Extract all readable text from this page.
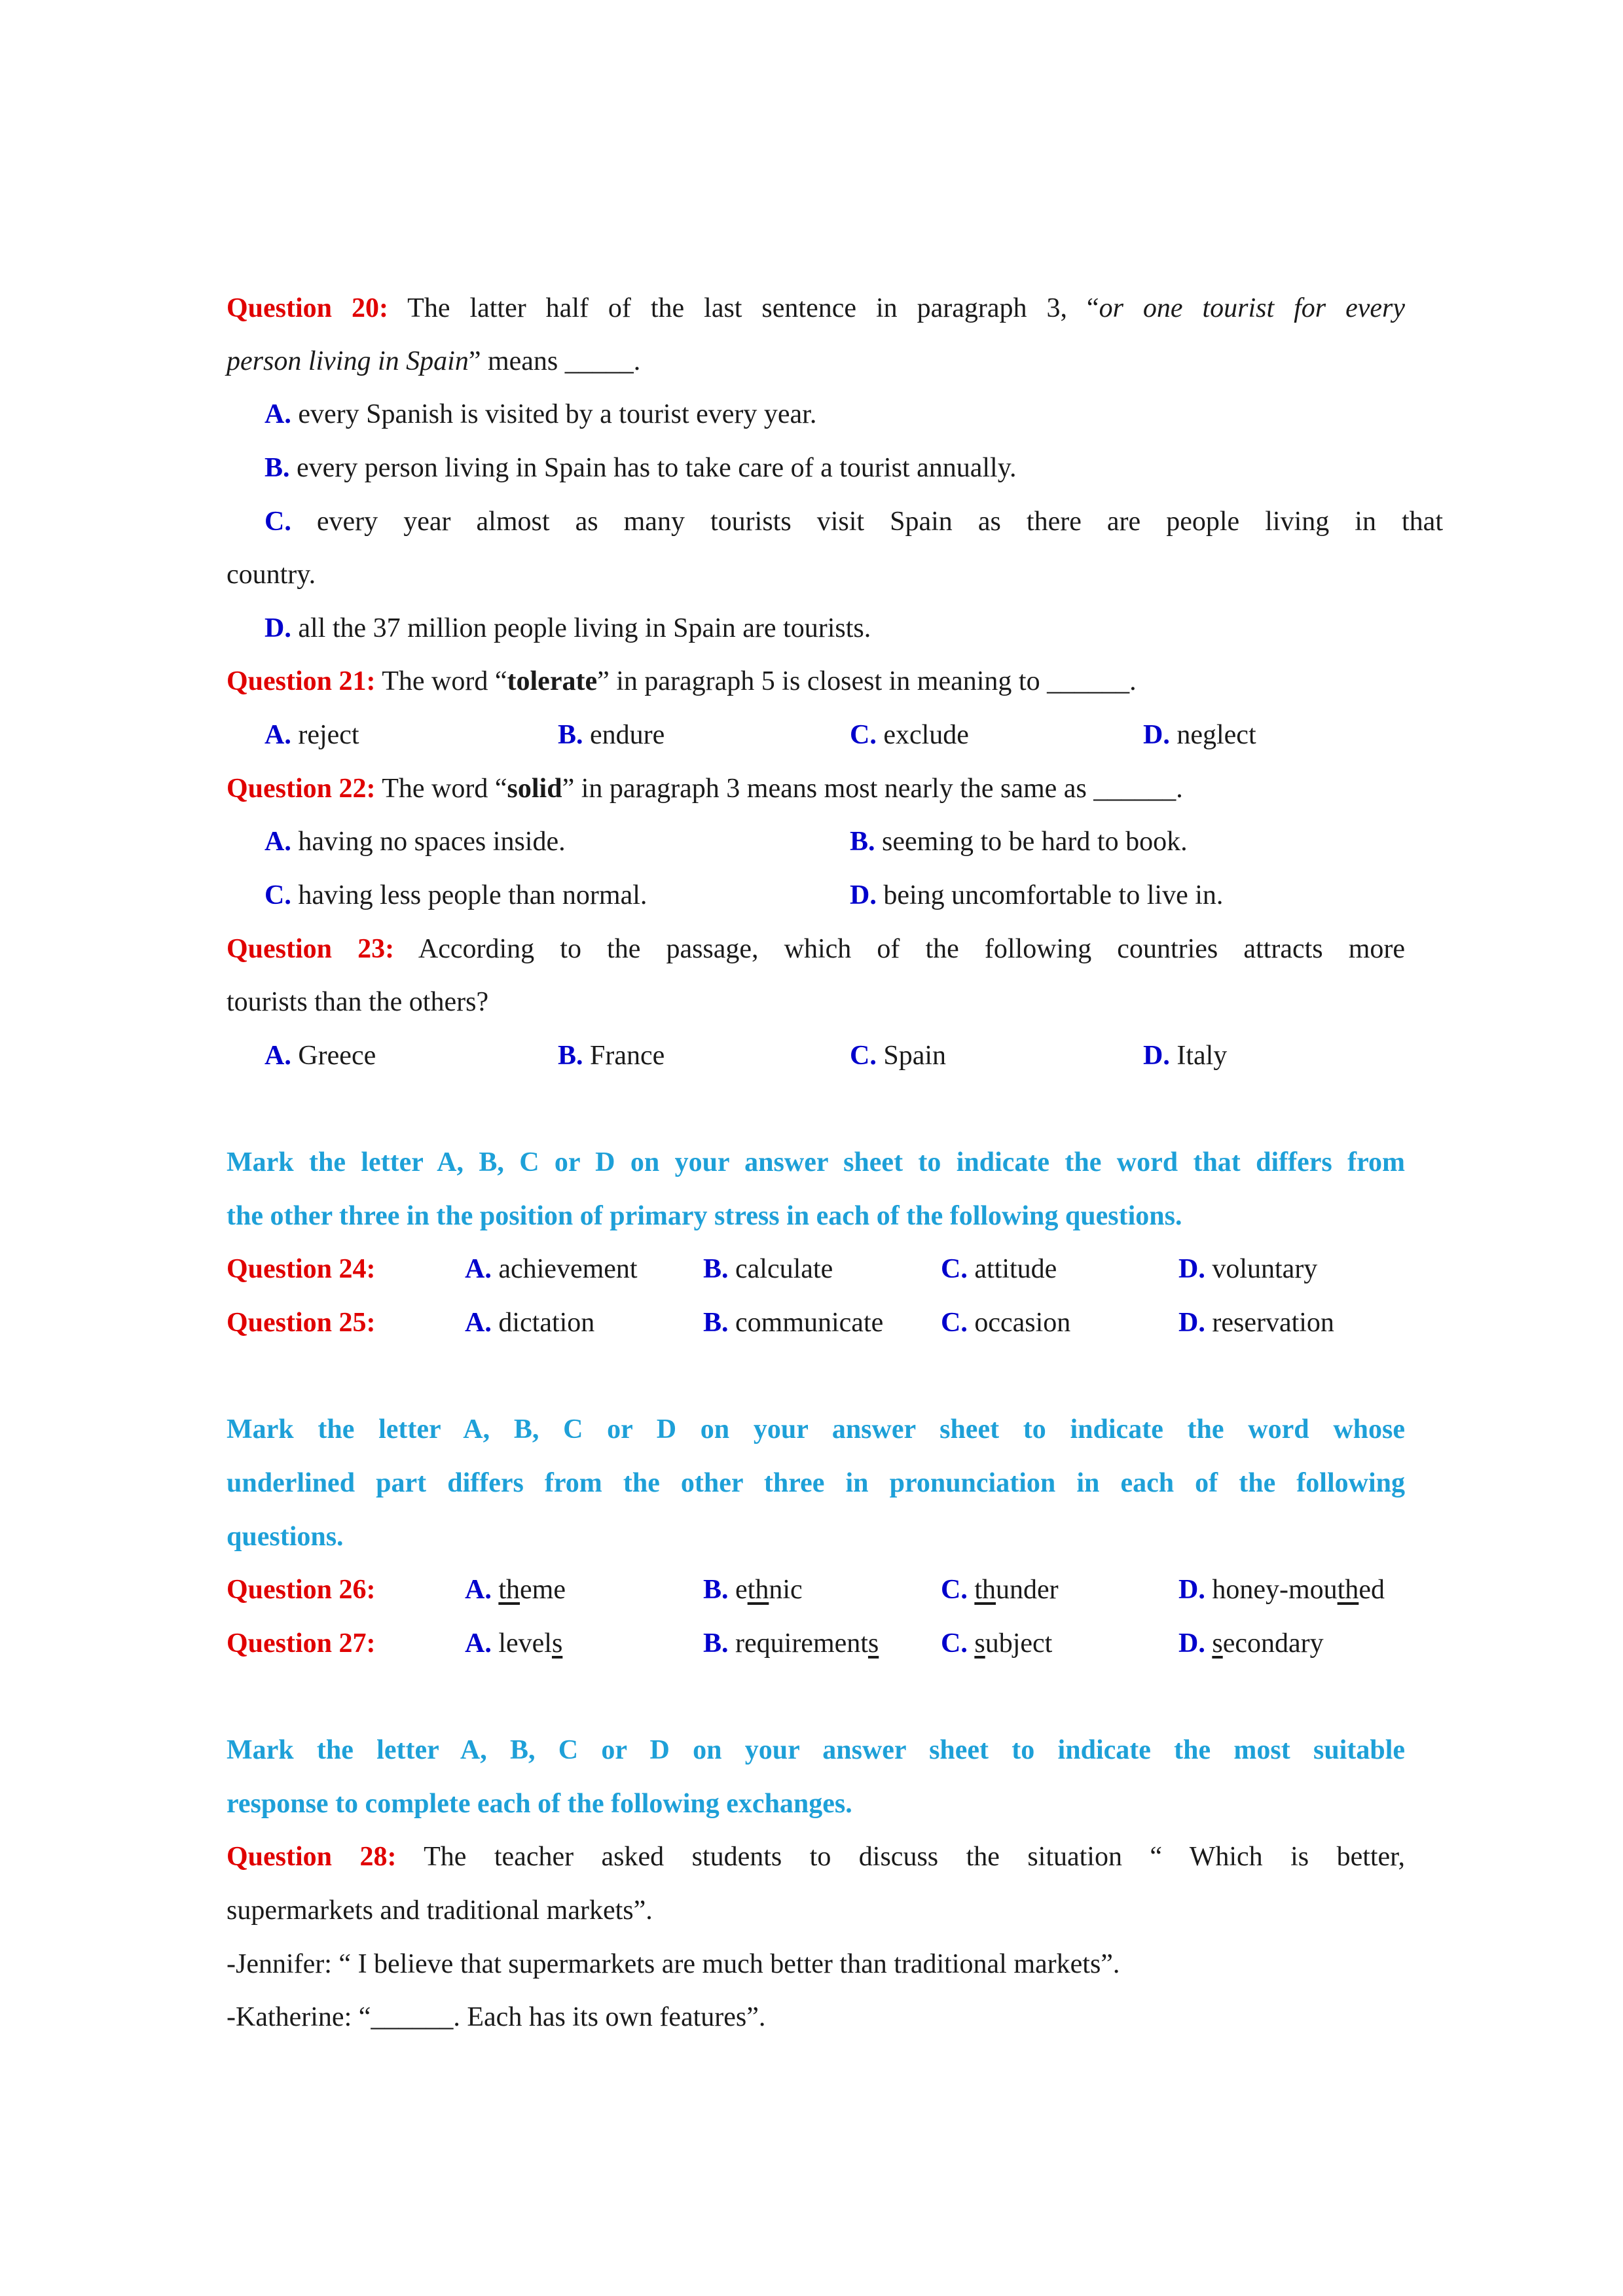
Question 20: The latter half of the last sentence in paragraph 3, “or one tourist for every
person living in Spain” means _____.
A. every Spanish is visited by a tourist every year.
B. every person living in Spain has to take care of a tourist annually.
C. every year almost as many tourists visit Spain as there are people living in that
country.
D. all the 37 million people living in Spain are tourists.
Question 21: The word “tolerate” in paragraph 5 is closest in meaning to ______.
A. reject	B. endure	C. exclude	D. neglect
Question 22: The word “solid” in paragraph 3 means most nearly the same as ______.
A. having no spaces inside.	B. seeming to be hard to book.
C. having less people than normal.	D. being uncomfortable to live in.
Question 23: According to the passage, which of the following countries attracts more
tourists than the others?
A. Greece	B. France	C. Spain	D. Italy
Mark the letter A, B, C or D on your answer sheet to indicate the word that differs from
the other three in the position of primary stress in each of the following questions.
Question 24:	A. achievement B. calculate	C. attitude	D. voluntary
Question 25:	A. dictation	B. communicate C. occasion	D. reservation
Mark the letter A, B, C or D on your answer sheet to indicate the word whose
underlined part differs from the other three in pronunciation in each of the following
questions.
Question 26:	A. theme	B. ethnic	C. thunder	D. honey-mouthed
Question 27:	A. levels	B. requirements C. subject	D. secondary
Mark the letter A, B, C or D on your answer sheet to indicate the most suitable
response to complete each of the following exchanges.
Question 28: The teacher asked students to discuss the situation “ Which is better,
supermarkets and traditional markets”.
-Jennifer: “ I believe that supermarkets are much better than traditional markets”.
-Katherine: “______. Each has its own features”.
